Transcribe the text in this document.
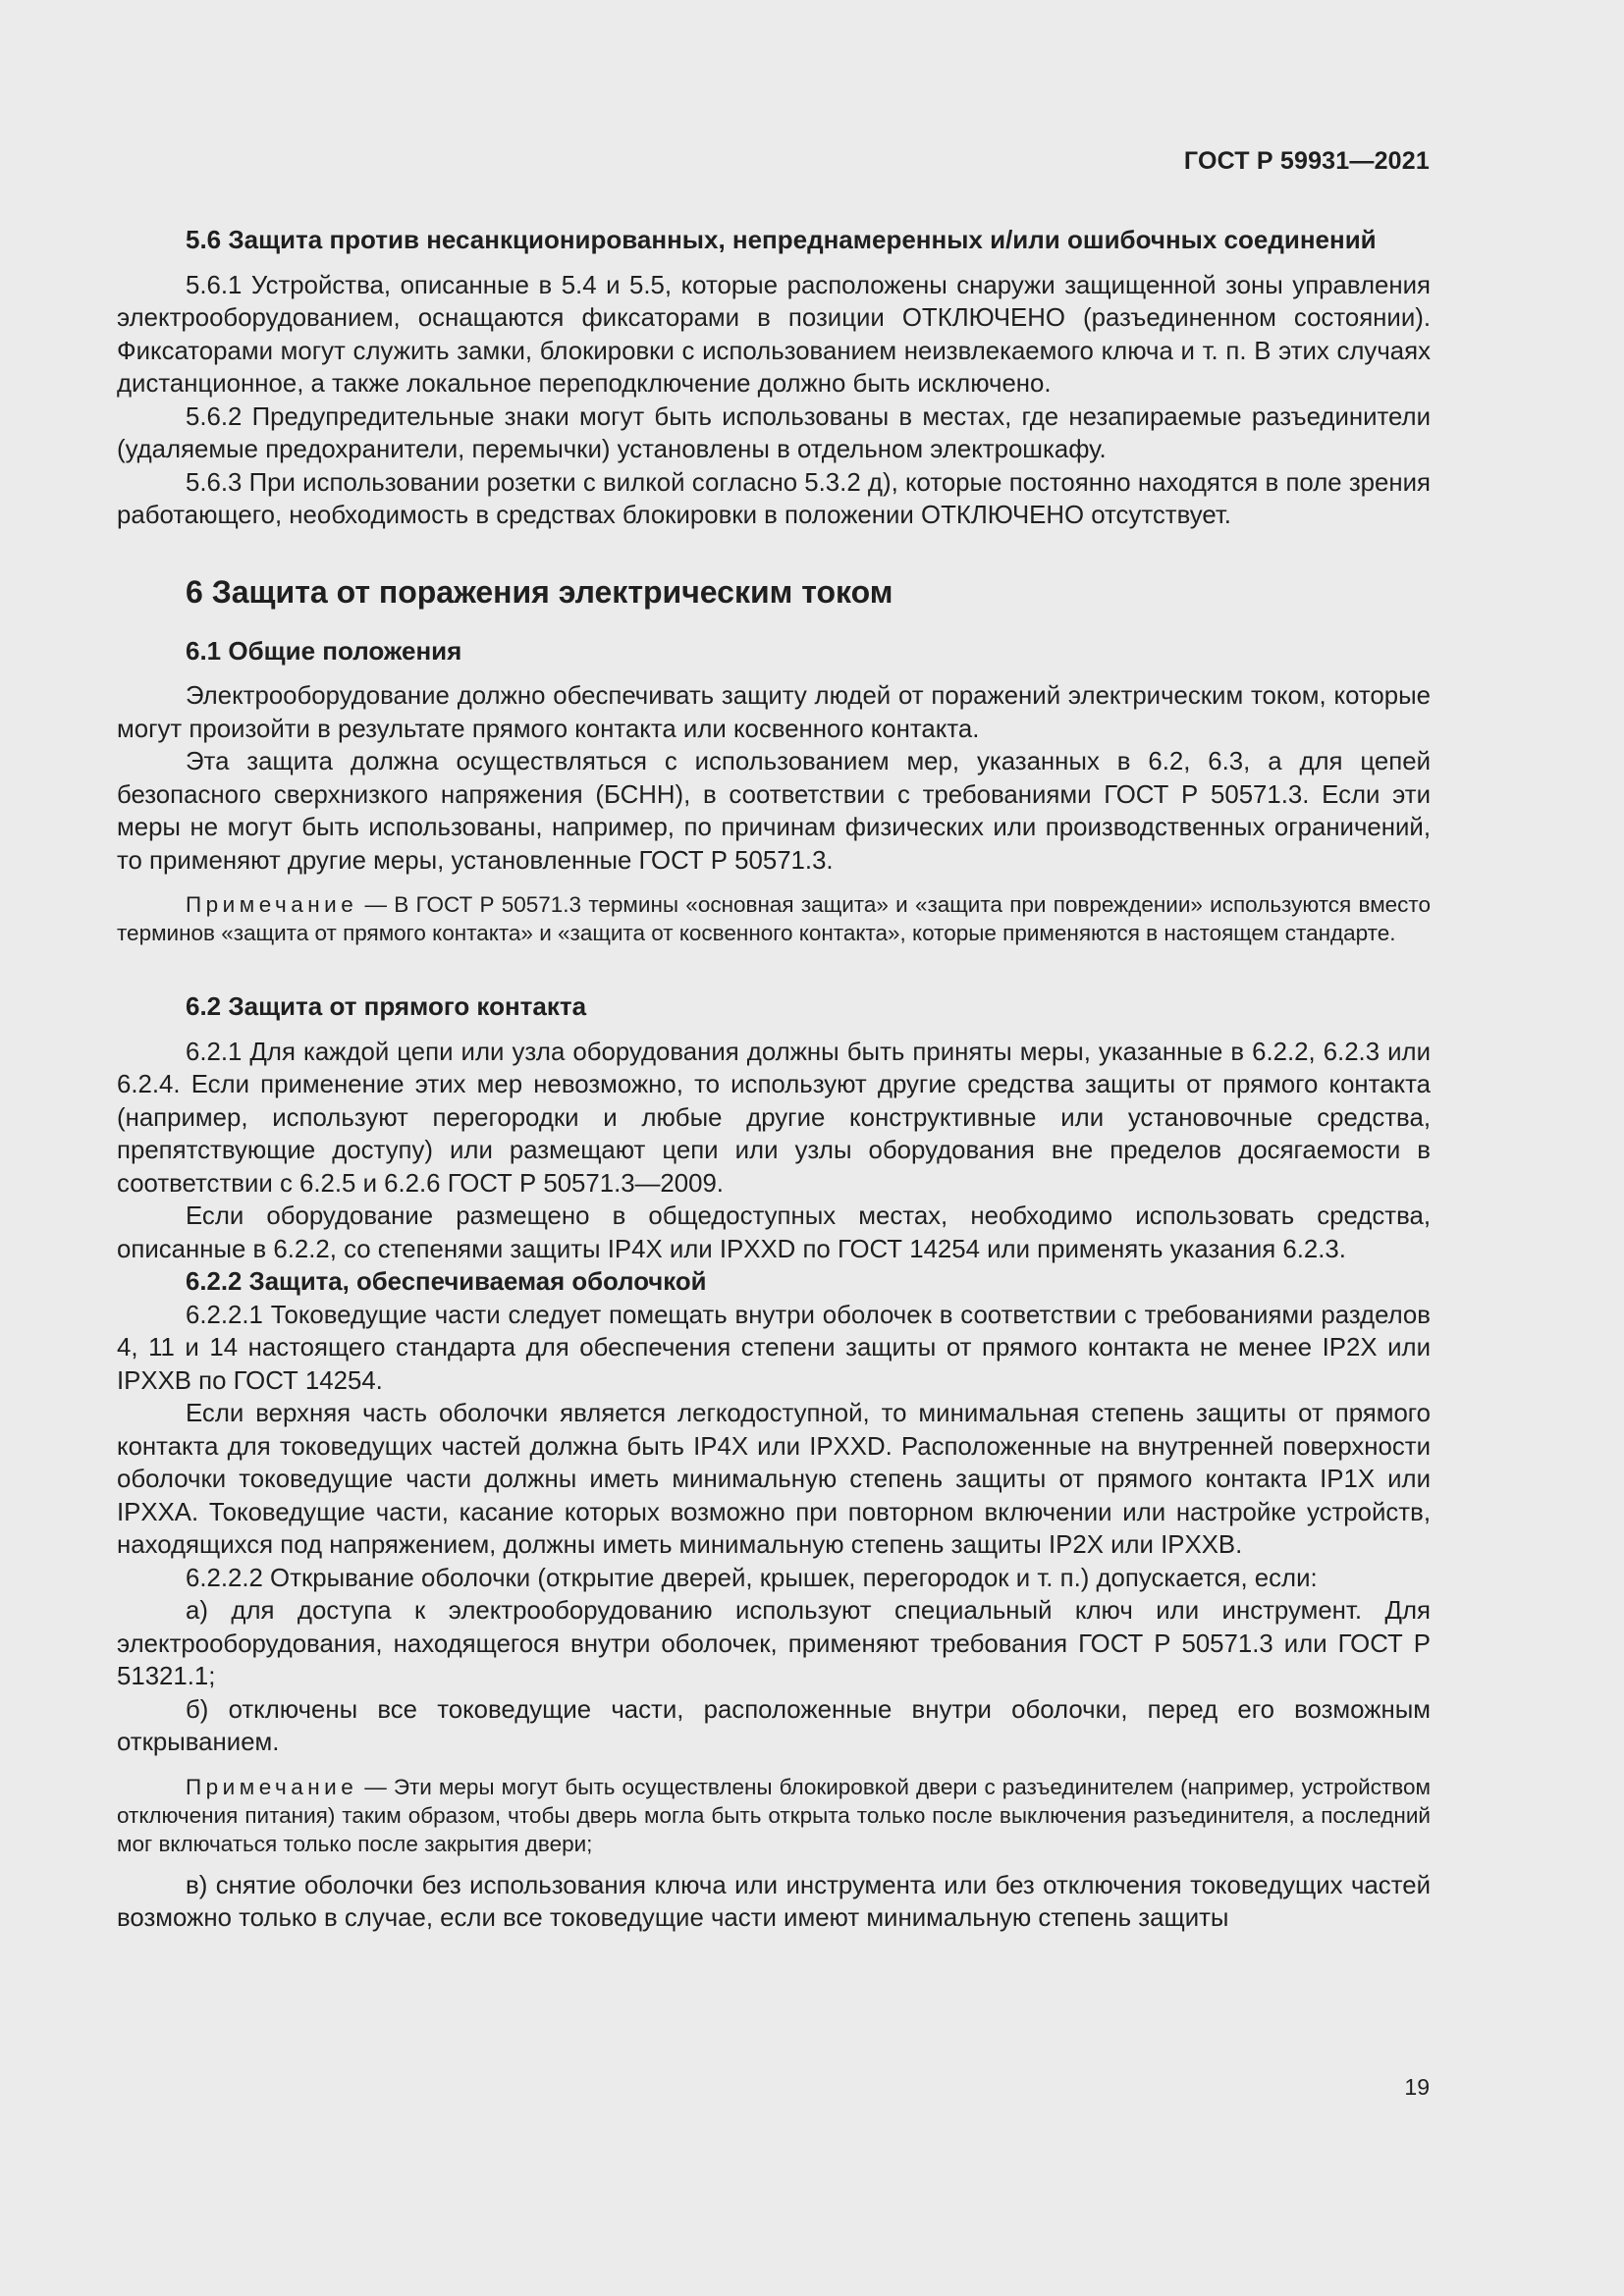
ГОСТ Р 59931—2021
5.6 Защита против несанкционированных, непреднамеренных и/или ошибочных соединений

5.6.1 Устройства, описанные в 5.4 и 5.5, которые расположены снаружи защищенной зоны управления электрооборудованием, оснащаются фиксаторами в позиции ОТКЛЮЧЕНО (разъединенном состоянии). Фиксаторами могут служить замки, блокировки с использованием неизвлекаемого ключа и т. п. В этих случаях дистанционное, а также локальное переподключение должно быть исключено.

5.6.2 Предупредительные знаки могут быть использованы в местах, где незапираемые разъединители (удаляемые предохранители, перемычки) установлены в отдельном электрошкафу.

5.6.3 При использовании розетки с вилкой согласно 5.3.2 д), которые постоянно находятся в поле зрения работающего, необходимость в средствах блокировки в положении ОТКЛЮЧЕНО отсутствует.

6 Защита от поражения электрическим током
6.1 Общие положения

Электрооборудование должно обеспечивать защиту людей от поражений электрическим током, которые могут произойти в результате прямого контакта или косвенного контакта.

Эта защита должна осуществляться с использованием мер, указанных в 6.2, 6.3, а для цепей безопасного сверхнизкого напряжения (БСНН), в соответствии с требованиями ГОСТ Р 50571.3. Если эти меры не могут быть использованы, например, по причинам физических или производственных ограничений, то применяют другие меры, установленные ГОСТ Р 50571.3.

Примечание — В ГОСТ Р 50571.3 термины «основная защита» и «защита при повреждении» используются вместо терминов «защита от прямого контакта» и «защита от косвенного контакта», которые применяются в настоящем стандарте.
6.2 Защита от прямого контакта

6.2.1 Для каждой цепи или узла оборудования должны быть приняты меры, указанные в 6.2.2, 6.2.3 или 6.2.4. Если применение этих мер невозможно, то используют другие средства защиты от прямого контакта (например, используют перегородки и любые другие конструктивные или установочные средства, препятствующие доступу) или размещают цепи или узлы оборудования вне пределов досягаемости в соответствии с 6.2.5 и 6.2.6 ГОСТ Р 50571.3—2009.

Если оборудование размещено в общедоступных местах, необходимо использовать средства, описанные в 6.2.2, со степенями защиты IP4X или IPXXD по ГОСТ 14254 или применять указания 6.2.3.

6.2.2 Защита, обеспечиваемая оболочкой

6.2.2.1 Токоведущие части следует помещать внутри оболочек в соответствии с требованиями разделов 4, 11 и 14 настоящего стандарта для обеспечения степени защиты от прямого контакта не менее IP2X или IPXXB по ГОСТ 14254.

Если верхняя часть оболочки является легкодоступной, то минимальная степень защиты от прямого контакта для токоведущих частей должна быть IP4X или IPXXD. Расположенные на внутренней поверхности оболочки токоведущие части должны иметь минимальную степень защиты от прямого контакта IP1X или IPXXA. Токоведущие части, касание которых возможно при повторном включении или настройке устройств, находящихся под напряжением, должны иметь минимальную степень защиты IP2X или IPXXB.

6.2.2.2 Открывание оболочки (открытие дверей, крышек, перегородок и т. п.) допускается, если:

а) для доступа к электрооборудованию используют специальный ключ или инструмент. Для электрооборудования, находящегося внутри оболочек, применяют требования ГОСТ Р 50571.3 или ГОСТ Р 51321.1;

б) отключены все токоведущие части, расположенные внутри оболочки, перед его возможным открыванием.

Примечание — Эти меры могут быть осуществлены блокировкой двери с разъединителем (например, устройством отключения питания) таким образом, чтобы дверь могла быть открыта только после выключения разъединителя, а последний мог включаться только после закрытия двери;

в) снятие оболочки без использования ключа или инструмента или без отключения токоведущих частей возможно только в случае, если все токоведущие части имеют минимальную степень защиты

19
